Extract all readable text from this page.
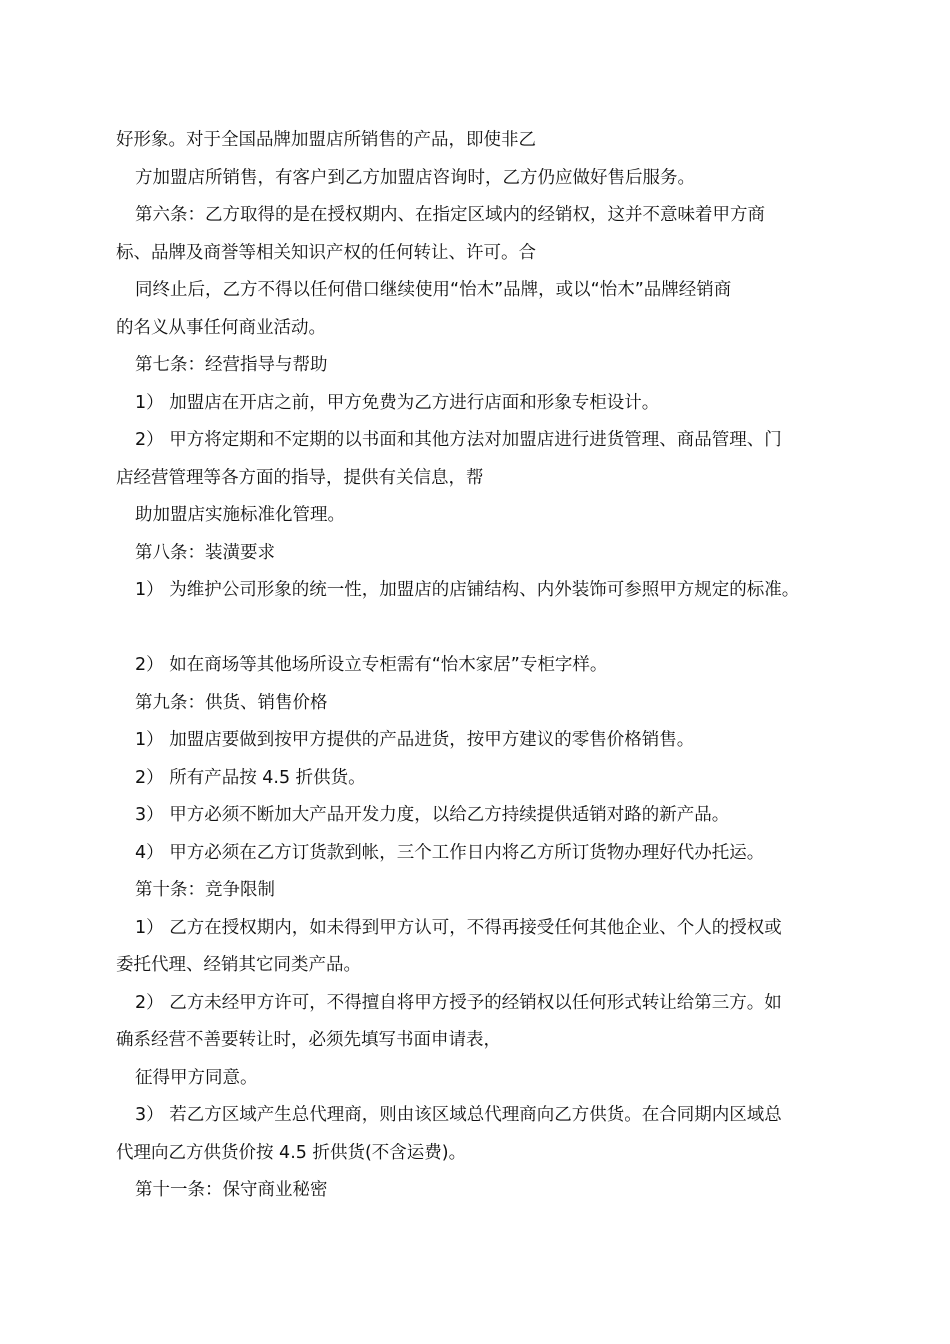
好形象。对于全国品牌加盟店所销售的产品，即使非乙
方加盟店所销售，有客户到乙方加盟店咨询时，乙方仍应做好售后服务。
第六条：乙方取得的是在授权期内、在指定区域内的经销权，这并不意味着甲方商
标、品牌及商誉等相关知识产权的任何转让、许可。合
同终止后，乙方不得以任何借口继续使用“怡木”品牌，或以“怡木”品牌经销商
的名义从事任何商业活动。
第七条：经营指导与帮助
1） 加盟店在开店之前，甲方免费为乙方进行店面和形象专柜设计。
2） 甲方将定期和不定期的以书面和其他方法对加盟店进行进货管理、商品管理、门
店经营管理等各方面的指导，提供有关信息，帮
助加盟店实施标准化管理。
第八条：装潢要求
1） 为维护公司形象的统一性，加盟店的店铺结构、内外装饰可参照甲方规定的标准。
2） 如在商场等其他场所设立专柜需有“怡木家居”专柜字样。
第九条：供货、销售价格
1） 加盟店要做到按甲方提供的产品进货，按甲方建议的零售价格销售。
2） 所有产品按 4.5 折供货。
3） 甲方必须不断加大产品开发力度，以给乙方持续提供适销对路的新产品。
4） 甲方必须在乙方订货款到帐，三个工作日内将乙方所订货物办理好代办托运。
第十条：竞争限制
1） 乙方在授权期内，如未得到甲方认可，不得再接受任何其他企业、个人的授权或
委托代理、经销其它同类产品。
2） 乙方未经甲方许可，不得擅自将甲方授予的经销权以任何形式转让给第三方。如
确系经营不善要转让时，必须先填写书面申请表，
征得甲方同意。
3） 若乙方区域产生总代理商，则由该区域总代理商向乙方供货。在合同期内区域总
代理向乙方供货价按 4.5 折供货(不含运费)。
第十一条：保守商业秘密
